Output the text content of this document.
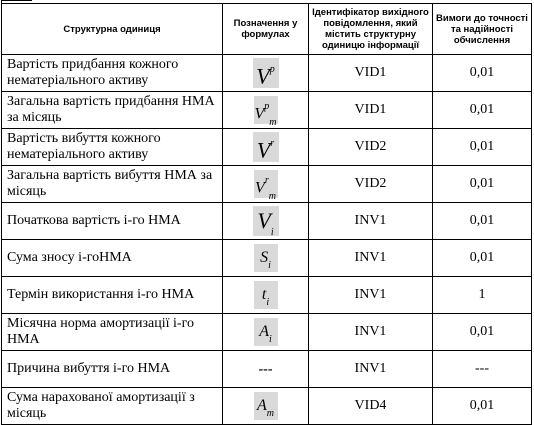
Структурна одиниця	Позначення у формулах	Ідентифікатор вихідного повідомлення, який містить структурну одиницю інформації	Вимоги до точності та надійності обчислення
Вартість придбання кожного нематеріального активу	$V^p$	VID1	0,01
Загальна вартість придбання НМА за місяць	$V^p_m$	VID1	0,01
Вартість вибуття кожного нематеріального активу	$V^r$	VID2	0,01
Загальна вартість вибуття НМА за місяць	$V^r_m$	VID2	0,01
Початкова вартість і-го НМА	$V_i$	INV1	0,01
Сума зносу і-гоНМА	$S_i$	INV1	0,01
Термін використання і-го НМА	$t_i$	INV1	1
Місячна норма амортизації і-го НМА	$A_i$	INV1	0,01
Причина вибуття і-го НМА	---	INV1	---
Сума нарахованої амортизації з місяць	$A_m$	VID4	0,01
